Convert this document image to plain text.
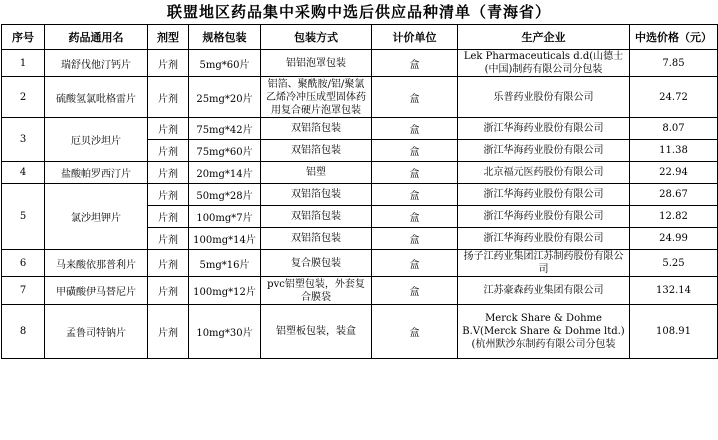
联盟地区药品集中采购中选后供应品种清单（青海省）
序号	药品通用名	剂型	规格包装	包装方式	计价单位	生产企业	中选价格（元）
1	瑞舒伐他汀钙片	片剂	5mg*60片	铝铝泡罩包装	盒	Lek Pharmaceuticals d.d(山德士(中国)制药有限公司分包装	7.85
2	硫酸氢氯吡格雷片	片剂	25mg*20片	铝箔、聚酰胺/铝/聚氯乙烯冷冲压成型固体药用复合硬片泡罩包装	盒	乐普药业股份有限公司	24.72
3	厄贝沙坦片	片剂	75mg*42片	双铝箔包装	盒	浙江华海药业股份有限公司	8.07
		片剂	75mg*60片	双铝箔包装	盒	浙江华海药业股份有限公司	11.38
4	盐酸帕罗西汀片	片剂	20mg*14片	铝塑	盒	北京福元医药股份有限公司	22.94
5	氯沙坦钾片	片剂	50mg*28片	双铝箔包装	盒	浙江华海药业股份有限公司	28.67
		片剂	100mg*7片	双铝箔包装	盒	浙江华海药业股份有限公司	12.82
		片剂	100mg*14片	双铝箔包装	盒	浙江华海药业股份有限公司	24.99
6	马来酸依那普利片	片剂	5mg*16片	复合膜包装	盒	扬子江药业集团江苏制药股份有限公司	5.25
7	甲磺酸伊马替尼片	片剂	100mg*12片	pvc铝塑包装，外套复合膜袋	盒	江苏豪森药业集团有限公司	132.14
8	孟鲁司特钠片	片剂	10mg*30片	铝塑板包装，装盒	盒	Merck Share & Dohme B.V(Merck Share & Dohme ltd.) (杭州默沙东制药有限公司分包装	108.91
